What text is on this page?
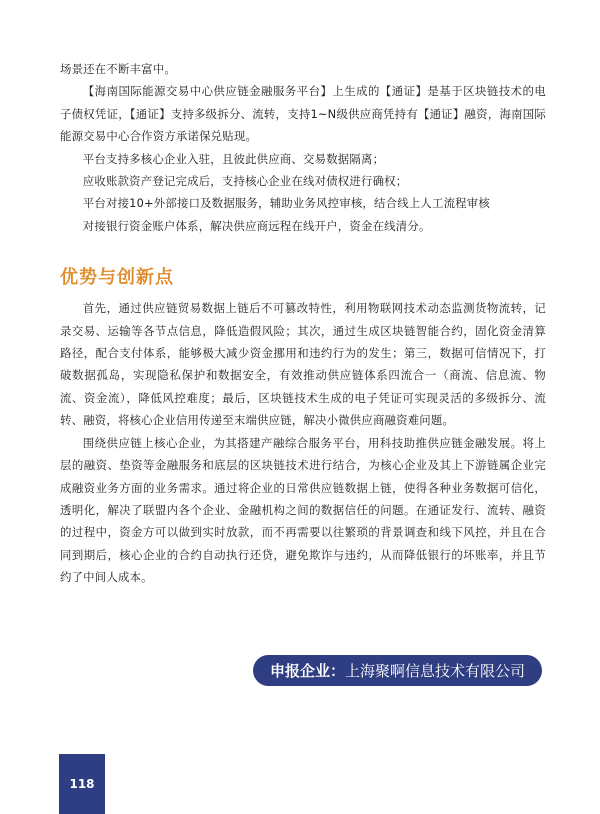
场景还在不断丰富中。

【海南国际能源交易中心供应链金融服务平台】上生成的【通证】是基于区块链技术的电子债权凭证，【通证】支持多级拆分、流转，支持1~N级供应商凭持有【通证】融资，海南国际能源交易中心合作资方承诺保兑贴现。

平台支持多核心企业入驻，且彼此供应商、交易数据隔离；

应收账款资产登记完成后，支持核心企业在线对债权进行确权；

平台对接10+外部接口及数据服务，辅助业务风控审核，结合线上人工流程审核

对接银行资金账户体系，解决供应商远程在线开户，资金在线清分。

优势与创新点

首先，通过供应链贸易数据上链后不可篡改特性，利用物联网技术动态监测货物流转，记录交易、运输等各节点信息，降低造假风险；其次，通过生成区块链智能合约，固化资金清算路径，配合支付体系，能够极大减少资金挪用和违约行为的发生；第三，数据可信情况下，打破数据孤岛，实现隐私保护和数据安全，有效推动供应链体系四流合一（商流、信息流、物流、资金流），降低风控难度；最后，区块链技术生成的电子凭证可实现灵活的多级拆分、流转、融资，将核心企业信用传递至末端供应链，解决小微供应商融资难问题。

围绕供应链上核心企业，为其搭建产融综合服务平台，用科技助推供应链金融发展。将上层的融资、垫资等金融服务和底层的区块链技术进行结合，为核心企业及其上下游链属企业完成融资业务方面的业务需求。通过将企业的日常供应链数据上链，使得各种业务数据可信化，透明化，解决了联盟内各个企业、金融机构之间的数据信任的问题。在通证发行、流转、融资的过程中，资金方可以做到实时放款，而不再需要以往繁琐的背景调查和线下风控，并且在合同到期后，核心企业的合约自动执行还贷，避免欺诈与违约，从而降低银行的坏账率，并且节约了中间人成本。

申报企业： 上海聚啊信息技术有限公司
118
